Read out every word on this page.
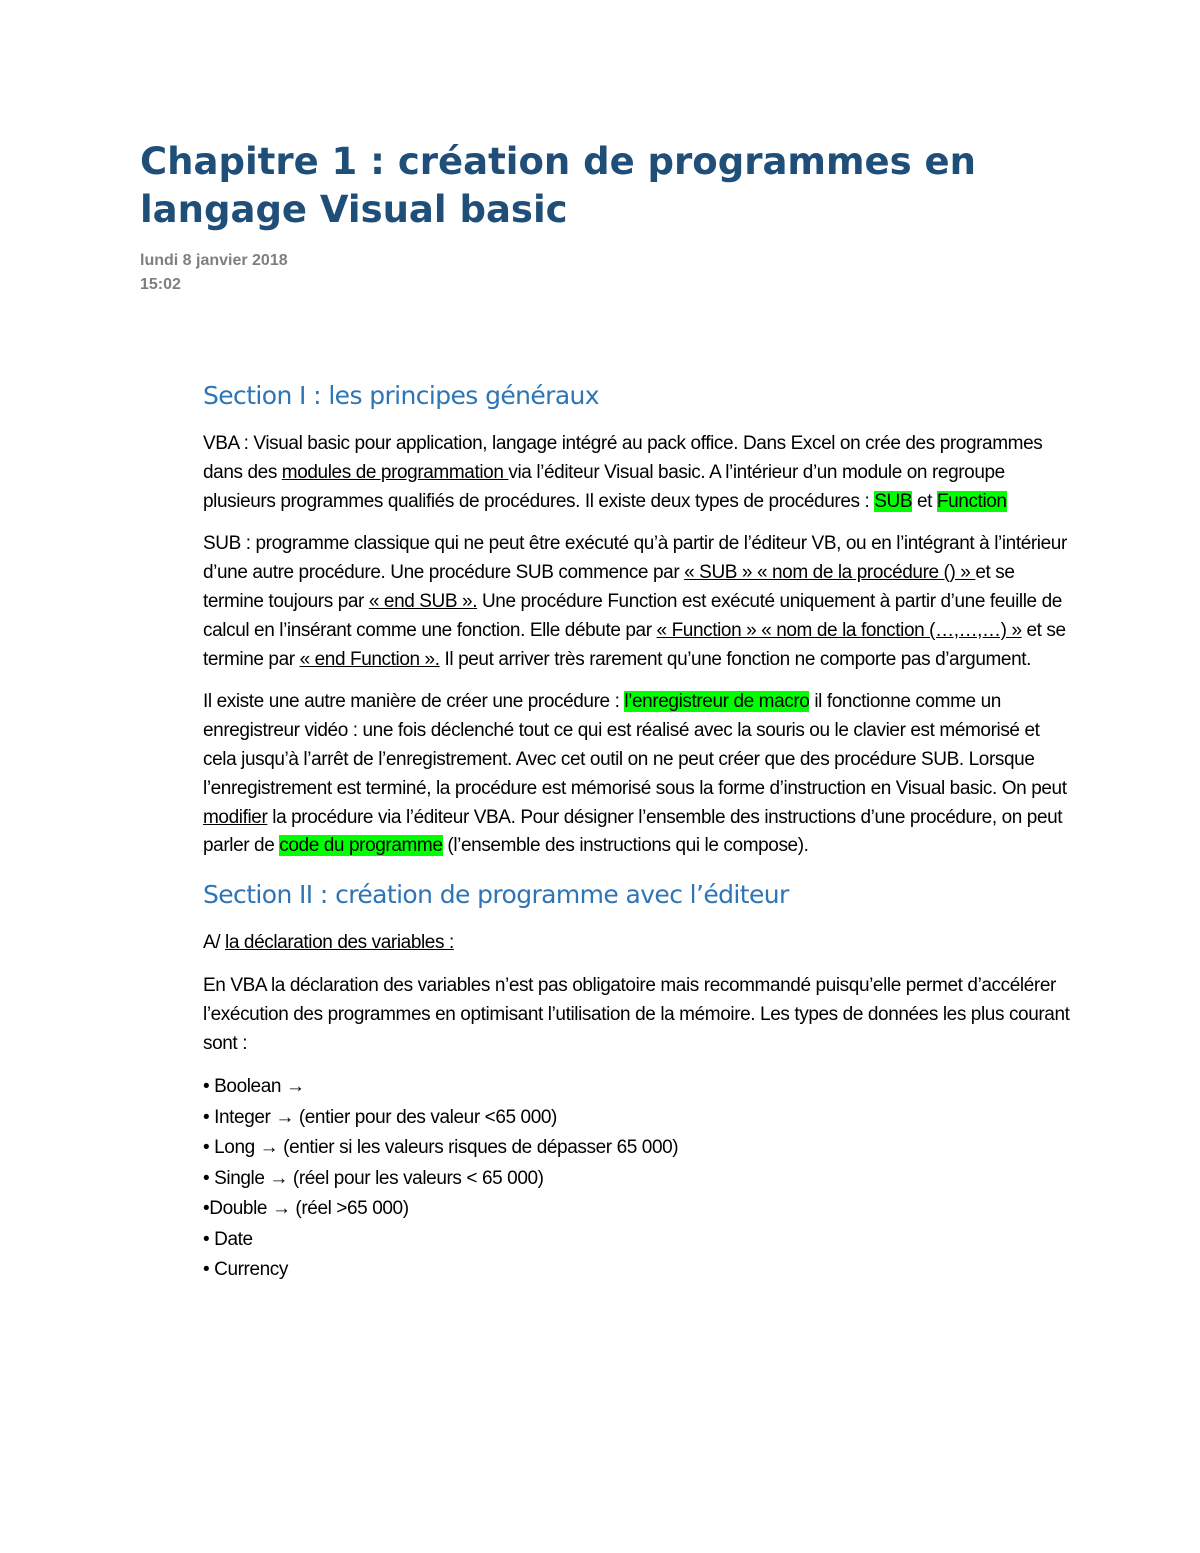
Chapitre 1 : création de programmes en langage Visual basic
lundi 8 janvier 2018
15:02
Section I : les principes généraux

VBA : Visual basic pour application, langage intégré au pack office. Dans Excel on crée des programmes dans des modules de programmation via l’éditeur Visual basic. A l’intérieur d’un module on regroupe plusieurs programmes qualifiés de procédures. Il existe deux types de procédures : SUB et Function

SUB : programme classique qui ne peut être exécuté qu’à partir de l’éditeur VB, ou en l’intégrant à l’intérieur d’une autre procédure. Une procédure SUB commence par « SUB » « nom de la procédure () » et se termine toujours par « end SUB ». Une procédure Function est exécuté uniquement à partir d’une feuille de calcul en l’insérant comme une fonction. Elle débute par « Function » « nom de la fonction (…,…,…) » et se termine par « end Function ». Il peut arriver très rarement qu’une fonction ne comporte pas d’argument.

Il existe une autre manière de créer une procédure : l’enregistreur de macro il fonctionne comme un enregistreur vidéo : une fois déclenché tout ce qui est réalisé avec la souris ou le clavier est mémorisé et cela jusqu’à l’arrêt de l’enregistrement. Avec cet outil on ne peut créer que des procédure SUB. Lorsque l’enregistrement est terminé, la procédure est mémorisé sous la forme d’instruction en Visual basic. On peut modifier la procédure via l’éditeur VBA. Pour désigner l’ensemble des instructions d’une procédure, on peut parler de code du programme (l’ensemble des instructions qui le compose).

Section II : création de programme avec l’éditeur

A/ la déclaration des variables :

En VBA la déclaration des variables n’est pas obligatoire mais recommandé puisqu’elle permet d’accélérer l’exécution des programmes en optimisant l’utilisation de la mémoire. Les types de données les plus courant sont :

• Boolean →
• Integer → (entier pour des valeur <65 000)
• Long → (entier si les valeurs risques de dépasser 65 000)
• Single → (réel pour les valeurs < 65 000)
•Double → (réel >65 000)
• Date
• Currency
